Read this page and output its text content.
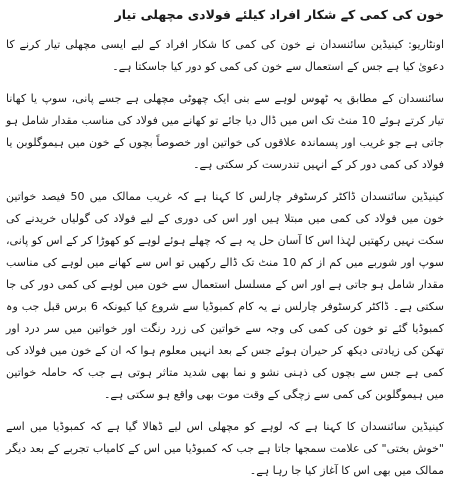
خون کی کمی کے شکار افراد کیلئے فولادی مچھلی تیار

اونٹاریو: کینیڈین سائنسدان نے خون کی کمی کا شکار افراد کے لیے ایسی مچھلی تیار کرنے کا دعویٰ کیا ہے جس کے استعمال سے خون کی کمی کو دور کیا جاسکتا ہے۔

سائنسدان کے مطابق یہ ٹھوس لوہے سے بنی ایک چھوٹی مچھلی ہے جسے پانی، سوپ یا کھانا تیار کرتے ہوئے 10 منٹ تک اس میں ڈال دیا جائے تو کھانے میں فولاد کی مناسب مقدار شامل ہو جاتی ہے جو غریب اور پسماندہ علاقوں کی خواتین اور خصوصاً بچوں کے خون میں ہیموگلوبن یا فولاد کی کمی دور کر کے انہیں تندرست کر سکتی ہے۔

کینیڈین سائنسدان ڈاکٹر کرسٹوفر چارلس کا کہنا ہے کہ غریب ممالک میں 50 فیصد خواتین خون میں فولاد کی کمی میں مبتلا ہیں اور اس کی دوری کے لیے فولاد کی گولیاں خریدنے کی سکت نہیں رکھتیں لہٰذا اس کا آسان حل یہ ہے کہ چھلے ہوئے لوہے کو کھوڑا کر کے اس کو پانی، سوپ اور شوربے میں کم از کم 10 منٹ تک ڈالے رکھیں تو اس سے کھانے میں لوہے کی مناسب مقدار شامل ہو جاتی ہے اور اس کے مسلسل استعمال سے خون میں لوہے کی کمی دور کی جا سکتی ہے۔ ڈاکٹر کرسٹوفر چارلس نے یہ کام کمبوڈیا سے شروع کیا کیونکہ 6 برس قبل جب وہ کمبوڈیا گئے تو خون کی کمی کی وجہ سے خواتین کی زرد رنگت اور خواتین میں سر درد اور تھکن کی زیادتی دیکھ کر حیران ہوئے جس کے بعد انہیں معلوم ہوا کہ ان کے خون میں فولاد کی کمی ہے جس سے بچوں کی ذہنی نشو و نما بھی شدید متاثر ہوتی ہے جب کہ حاملہ خواتین میں ہیموگلوبن کی کمی سے زچگی کے وقت موت بھی واقع ہو سکتی ہے۔

کینیڈین سائنسدان کا کہنا ہے کہ لوہے کو مچھلی اس لیے ڈھالا گیا ہے کہ کمبوڈیا میں اسے "خوش بختی" کی علامت سمجھا جاتا ہے جب کہ کمبوڈیا میں اس کے کامیاب تجربے کے بعد دیگر ممالک میں بھی اس کا آغاز کیا جا رہا ہے۔
